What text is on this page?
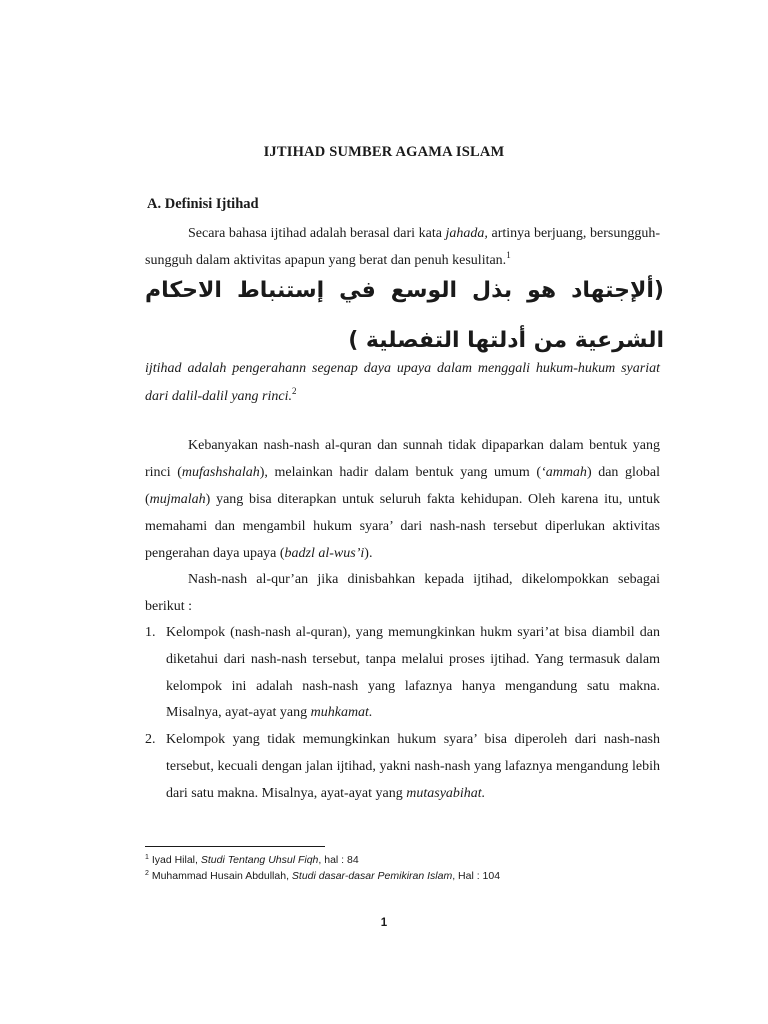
IJTIHAD SUMBER AGAMA ISLAM
A. Definisi Ijtihad
Secara bahasa ijtihad adalah berasal dari kata jahada, artinya berjuang, bersungguh-sungguh dalam aktivitas apapun yang berat dan penuh kesulitan.$^1$
(ألإجتهاد هو بذل الوسع في إستنباط الاحكام الشرعية من أدلتها التفصلية )
ijtihad adalah pengerahann segenap daya upaya dalam menggali hukum-hukum syariat dari dalil-dalil yang rinci.$^2$
Kebanyakan nash-nash al-quran dan sunnah tidak dipaparkan dalam bentuk yang rinci (mufashshalah), melainkan hadir dalam bentuk yang umum (‘ammah) dan global (mujmalah) yang bisa diterapkan untuk seluruh fakta kehidupan. Oleh karena itu, untuk memahami dan mengambil hukum syara’ dari nash-nash tersebut diperlukan aktivitas pengerahan daya upaya (badzl al-wus’i).
Nash-nash al-qur’an jika dinisbahkan kepada ijtihad, dikelompokkan sebagai berikut :
1. Kelompok (nash-nash al-quran), yang memungkinkan hukm syari’at bisa diambil dan diketahui dari nash-nash tersebut, tanpa melalui proses ijtihad. Yang termasuk dalam kelompok ini adalah nash-nash yang lafaznya hanya mengandung satu makna. Misalnya, ayat-ayat yang muhkamat.
2. Kelompok yang tidak memungkinkan hukum syara’ bisa diperoleh dari nash-nash tersebut, kecuali dengan jalan ijtihad, yakni nash-nash yang lafaznya mengandung lebih dari satu makna. Misalnya, ayat-ayat yang mutasyabihat.
$^1$ Iyad Hilal, Studi Tentang Uhsul Fiqh, hal : 84
$^2$ Muhammad Husain Abdullah, Studi dasar-dasar Pemikiran Islam, Hal : 104
1
